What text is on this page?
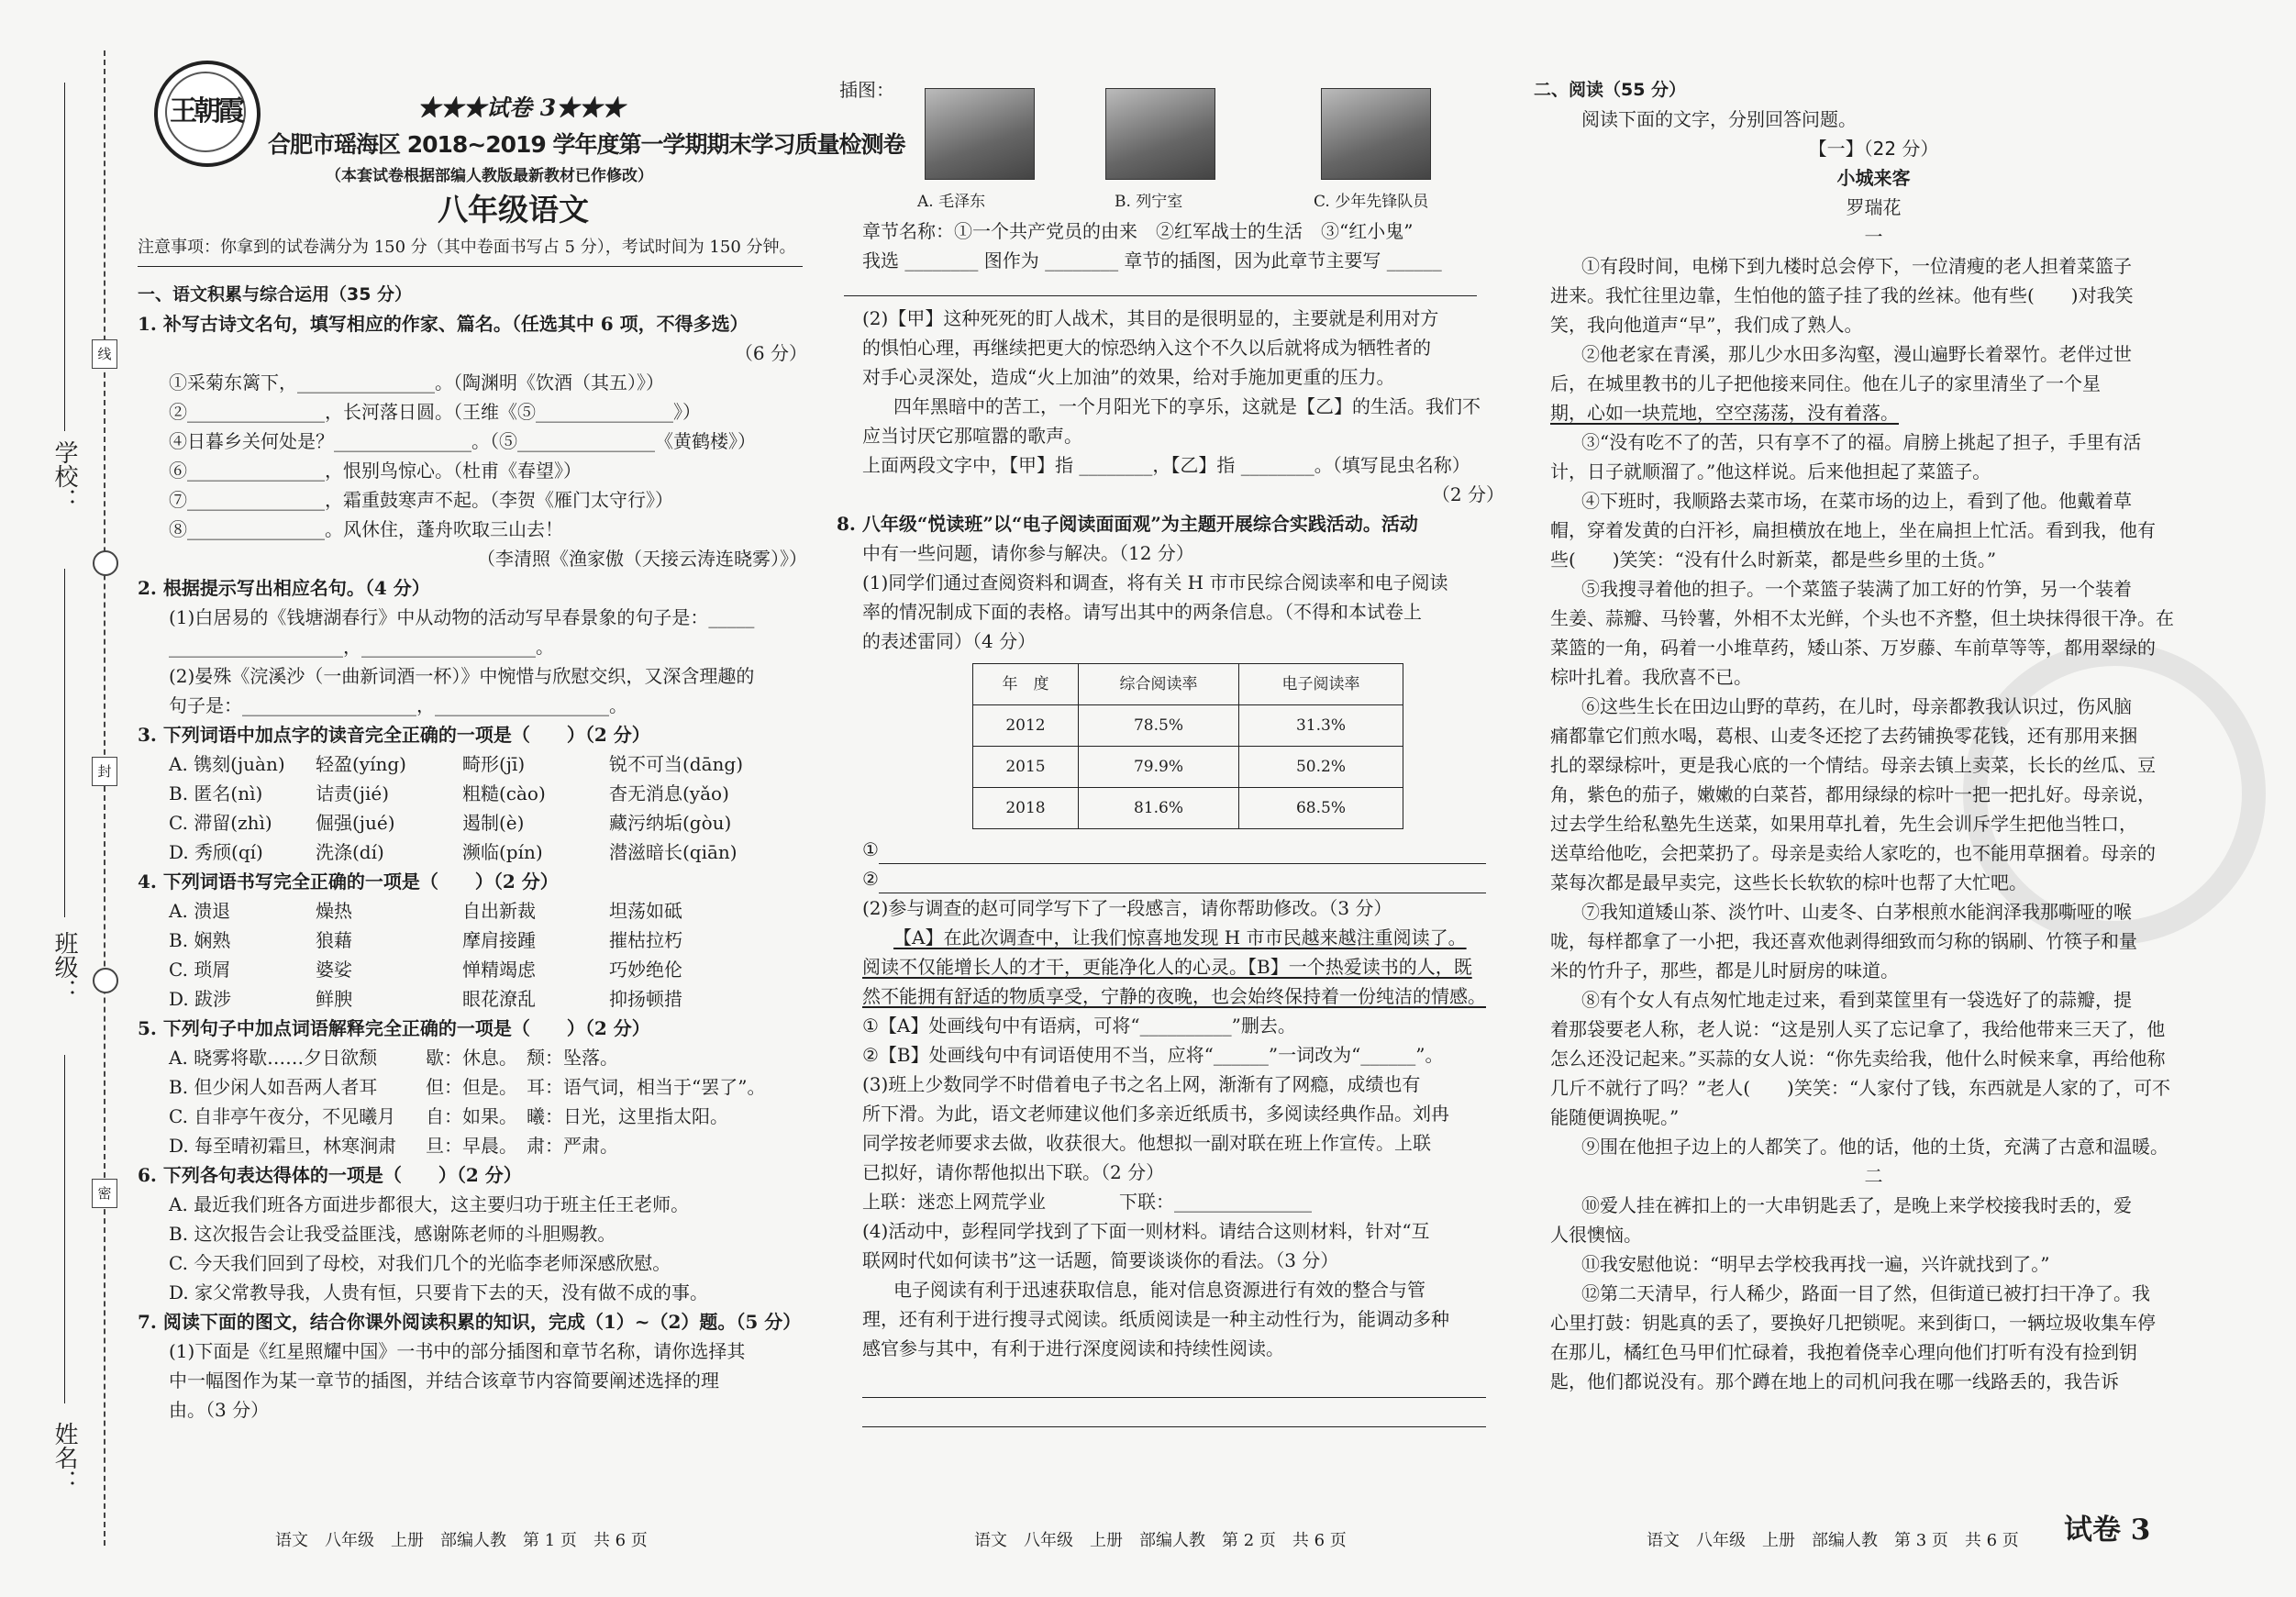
学校：
班级：
姓名：
线
封
密
王朝霞	★★★试卷 3★★★
合肥市瑶海区 2018~2019 学年度第一学期期末学习质量检测卷
（本套试卷根据部编人教版最新教材已作修改）
八年级语文
注意事项：你拿到的试卷满分为 150 分（其中卷面书写占 5 分），考试时间为 150 分钟。

一、语文积累与综合运用（35 分）

1. 补写古诗文名句，填写相应的作家、篇名。（任选其中 6 项，不得多选）

（6 分）

①采菊东篱下，_______________。（陶渊明《饮酒（其五）》）

②_______________，长河落日圆。（王维《⑤_______________》）

④日暮乡关何处是？_______________。（⑤_______________《黄鹤楼》）

⑥_______________，恨别鸟惊心。（杜甫《春望》）

⑦_______________，霜重鼓寒声不起。（李贺《雁门太守行》）

⑧_______________。风休住，蓬舟吹取三山去！

（李清照《渔家傲（天接云涛连晓雾）》）

2. 根据提示写出相应名句。（4 分）

(1)白居易的《钱塘湖春行》中从动物的活动写早春景象的句子是：_____

___________________，___________________。

(2)晏殊《浣溪沙（一曲新词酒一杯）》中惋惜与欣慰交织，又深含理趣的

句子是：___________________，___________________。

3. 下列词语中加点字的读音完全正确的一项是（　　）（2 分）

A. 镌刻(juàn)	轻盈(yíng)	畸形(jī)	锐不可当(dāng)
B. 匿名(nì)	诘责(jié)	粗糙(cào)	杳无消息(yǎo)
C. 滞留(zhì)	倔强(jué)	遏制(è)	藏污纳垢(gòu)
D. 秀颀(qí)	洗涤(dí)	濒临(pín)	潜滋暗长(qiān)

4. 下列词语书写完全正确的一项是（　　）（2 分）

A. 溃退	燥热	自出新裁	坦荡如砥
B. 娴熟	狼藉	摩肩接踵	摧枯拉朽
C. 琐屑	婆娑	惮精竭虑	巧妙绝伦
D. 跋涉	鲜腴	眼花潦乱	抑扬顿措

5. 下列句子中加点词语解释完全正确的一项是（　　）（2 分）

A. 晓雾将歇……夕日欲颓	歇：休息。 颓：坠落。
B. 但少闲人如吾两人者耳	但：但是。 耳：语气词，相当于“罢了”。
C. 自非亭午夜分，不见曦月	自：如果。 曦：日光，这里指太阳。
D. 每至晴初霜旦，林寒涧肃	旦：早晨。 肃：严肃。

6. 下列各句表达得体的一项是（　　）（2 分）

A. 最近我们班各方面进步都很大，这主要归功于班主任王老师。

B. 这次报告会让我受益匪浅，感谢陈老师的斗胆赐教。

C. 今天我们回到了母校，对我们几个的光临李老师深感欣慰。

D. 家父常教导我，人贵有恒，只要肯下去的天，没有做不成的事。

7. 阅读下面的图文，结合你课外阅读积累的知识，完成（1）~（2）题。（5 分）

(1)下面是《红星照耀中国》一书中的部分插图和章节名称，请你选择其

中一幅图作为某一章节的插图，并结合该章节内容简要阐述选择的理

由。（3 分）

插图：

A. 毛泽东	B. 列宁室	C. 少年先锋队员

章节名称：①一个共产党员的由来　②红军战士的生活　③“红小鬼”

我选 ________ 图作为 ________ 章节的插图，因为此章节主要写 ______

(2)【甲】这种死死的盯人战术，其目的是很明显的，主要就是利用对方

的惧怕心理，再继续把更大的惊恐纳入这个不久以后就将成为牺牲者的

对手心灵深处，造成“火上加油”的效果，给对手施加更重的压力。

四年黑暗中的苦工，一个月阳光下的享乐，这就是【乙】的生活。我们不

应当讨厌它那喧嚣的歌声。

上面两段文字中，【甲】指 ________，【乙】指 ________。（填写昆虫名称）

（2 分）

8. 八年级“悦读班”以“电子阅读面面观”为主题开展综合实践活动。活动

中有一些问题，请你参与解决。（12 分）

(1)同学们通过查阅资料和调查，将有关 H 市市民综合阅读率和电子阅读

率的情况制成下面的表格。请写出其中的两条信息。（不得和本试卷上

的表述雷同）（4 分）

年　度	综合阅读率	电子阅读率
2012	78.5%	31.3%
2015	79.9%	50.2%
2018	81.6%	68.5%
①
②

(2)参与调查的赵可同学写下了一段感言，请你帮助修改。（3 分）

【A】在此次调查中，让我们惊喜地发现 H 市市民越来越注重阅读了。

阅读不仅能增长人的才干，更能净化人的心灵。【B】一个热爱读书的人，既

然不能拥有舒适的物质享受，宁静的夜晚，也会始终保持着一份纯洁的情感。

①【A】处画线句中有语病，可将“__________”删去。

②【B】处画线句中有词语使用不当，应将“______”一词改为“______”。

(3)班上少数同学不时借着电子书之名上网，渐渐有了网瘾，成绩也有

所下滑。为此，语文老师建议他们多亲近纸质书，多阅读经典作品。刘冉

同学按老师要求去做，收获很大。他想拟一副对联在班上作宣传。上联

已拟好，请你帮他拟出下联。（2 分）

上联：迷恋上网荒学业　　　　下联：_______________

(4)活动中，彭程同学找到了下面一则材料。请结合这则材料，针对“互

联网时代如何读书”这一话题，简要谈谈你的看法。（3 分）

电子阅读有利于迅速获取信息，能对信息资源进行有效的整合与管

理，还有利于进行搜寻式阅读。纸质阅读是一种主动性行为，能调动多种

感官参与其中，有利于进行深度阅读和持续性阅读。

二、阅读（55 分）

阅读下面的文字，分别回答问题。

【一】（22 分）

小城来客

罗瑞花

一

①有段时间，电梯下到九楼时总会停下，一位清瘦的老人担着菜篮子

进来。我忙往里边靠，生怕他的篮子挂了我的丝袜。他有些(　　)对我笑

笑，我向他道声“早”，我们成了熟人。

②他老家在青溪，那儿少水田多沟壑，漫山遍野长着翠竹。老伴过世

后，在城里教书的儿子把他接来同住。他在儿子的家里清坐了一个星

期，心如一块荒地，空空荡荡，没有着落。

③“没有吃不了的苦，只有享不了的福。肩膀上挑起了担子，手里有活

计，日子就顺溜了。”他这样说。后来他担起了菜篮子。

④下班时，我顺路去菜市场，在菜市场的边上，看到了他。他戴着草

帽，穿着发黄的白汗衫，扁担横放在地上，坐在扁担上忙活。看到我，他有

些(　　)笑笑：“没有什么时新菜，都是些乡里的土货。”

⑤我搜寻着他的担子。一个菜篮子装满了加工好的竹笋，另一个装着

生姜、蒜瓣、马铃薯，外相不太光鲜，个头也不齐整，但土块抹得很干净。在

菜篮的一角，码着一小堆草药，矮山茶、万岁藤、车前草等等，都用翠绿的

棕叶扎着。我欣喜不已。

⑥这些生长在田边山野的草药，在儿时，母亲都教我认识过，伤风脑

痛都靠它们煎水喝，葛根、山麦冬还挖了去药铺换零花钱，还有那用来捆

扎的翠绿棕叶，更是我心底的一个情结。母亲去镇上卖菜，长长的丝瓜、豆

角，紫色的茄子，嫩嫩的白菜苔，都用绿绿的棕叶一把一把扎好。母亲说，

过去学生给私塾先生送菜，如果用草扎着，先生会训斥学生把他当牲口，

送草给他吃，会把菜扔了。母亲是卖给人家吃的，也不能用草捆着。母亲的

菜每次都是最早卖完，这些长长软软的棕叶也帮了大忙吧。

⑦我知道矮山茶、淡竹叶、山麦冬、白茅根煎水能润泽我那嘶哑的喉

咙，每样都拿了一小把，我还喜欢他剥得细致而匀称的锅刷、竹筷子和量

米的竹升子，那些，都是儿时厨房的味道。

⑧有个女人有点匆忙地走过来，看到菜筐里有一袋选好了的蒜瓣，提

着那袋要老人称，老人说：“这是别人买了忘记拿了，我给他带来三天了，他

怎么还没记起来。”买蒜的女人说：“你先卖给我，他什么时候来拿，再给他称

几斤不就行了吗？”老人(　　)笑笑：“人家付了钱，东西就是人家的了，可不

能随便调换呢。”

⑨围在他担子边上的人都笑了。他的话，他的土货，充满了古意和温暖。

二

⑩爱人挂在裤扣上的一大串钥匙丢了，是晚上来学校接我时丢的，爱

人很懊恼。

⑪我安慰他说：“明早去学校我再找一遍，兴许就找到了。”

⑫第二天清早，行人稀少，路面一目了然，但街道已被打扫干净了。我

心里打鼓：钥匙真的丢了，要换好几把锁呢。来到街口，一辆垃圾收集车停

在那儿，橘红色马甲们忙碌着，我抱着侥幸心理向他们打听有没有捡到钥

匙，他们都说没有。那个蹲在地上的司机问我在哪一线路丢的，我告诉

语文　八年级　上册　部编人教　第 1 页　共 6 页	语文　八年级　上册　部编人教　第 2 页　共 6 页	语文　八年级　上册　部编人教　第 3 页　共 6 页 试卷 3
